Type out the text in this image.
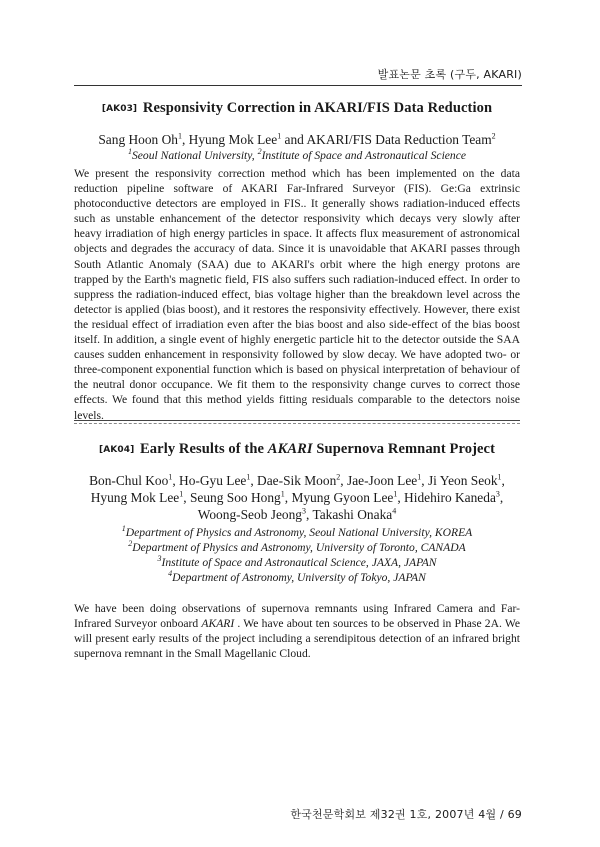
발표논문 초록 (구두, AKARI)
[AK03] Responsivity Correction in AKARI/FIS Data Reduction

Sang Hoon Oh$^1$, Hyung Mok Lee$^1$ and AKARI/FIS Data Reduction Team$^2$

$^1$Seoul National University, $^2$Institute of Space and Astronautical Science

We present the responsivity correction method which has been implemented on the data reduction pipeline software of AKARI Far-Infrared Surveyor (FIS). Ge:Ga extrinsic photoconductive detectors are employed in FIS.. It generally shows radiation-induced effects such as unstable enhancement of the detector responsivity which decays very slowly after heavy irradiation of high energy particles in space. It affects flux measurement of astronomical objects and degrades the accuracy of data. Since it is unavoidable that AKARI passes through South Atlantic Anomaly (SAA) due to AKARI's orbit where the high energy protons are trapped by the Earth's magnetic field, FIS also suffers such radiation-induced effect. In order to suppress the radiation-induced effect, bias voltage higher than the breakdown level across the detector is applied (bias boost), and it restores the responsivity effectively. However, there exist the residual effect of irradiation even after the bias boost and also side-effect of the bias boost itself. In addition, a single event of highly energetic particle hit to the detector outside the SAA causes sudden enhancement in responsivity followed by slow decay. We have adopted two- or three-component exponential function which is based on physical interpretation of behaviour of the neutral donor occupance. We fit them to the responsivity change curves to correct those effects. We found that this method yields fitting residuals comparable to the detectors noise levels.

[AK04] Early Results of the AKARI Supernova Remnant Project

Bon-Chul Koo$^1$, Ho-Gyu Lee$^1$, Dae-Sik Moon$^2$, Jae-Joon Lee$^1$, Ji Yeon Seok$^1$,
Hyung Mok Lee$^1$, Seung Soo Hong$^1$, Myung Gyoon Lee$^1$, Hidehiro Kaneda$^3$,
Woong-Seob Jeong$^3$, Takashi Onaka$^4$

$^1$Department of Physics and Astronomy, Seoul National University, KOREA

$^2$Department of Physics and Astronomy, University of Toronto, CANADA

$^3$Institute of Space and Astronautical Science, JAXA, JAPAN

$^4$Department of Astronomy, University of Tokyo, JAPAN

We have been doing observations of supernova remnants using Infrared Camera and Far-Infrared Surveyor onboard AKARI . We have about ten sources to be observed in Phase 2A. We will present early results of the project including a serendipitous detection of an infrared bright supernova remnant in the Small Magellanic Cloud.

한국천문학회보 제32권 1호, 2007년 4월 / 69
